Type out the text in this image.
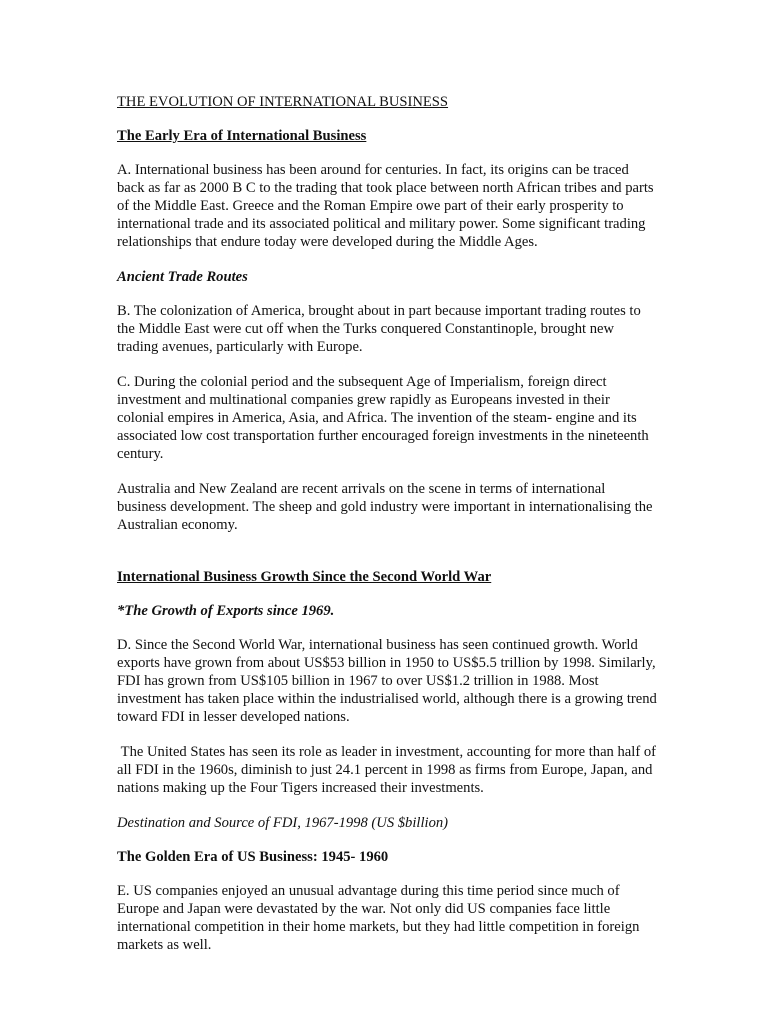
THE EVOLUTION OF INTERNATIONAL BUSINESS

The Early Era of International Business

A. International business has been around for centuries. In fact, its origins can be traced back as far as 2000 B C to the trading that took place between north African tribes and parts of the Middle East. Greece and the Roman Empire owe part of their early prosperity to international trade and its associated political and military power. Some significant trading relationships that endure today were developed during the Middle Ages.

Ancient Trade Routes

B. The colonization of America, brought about in part because important trading routes to the Middle East were cut off when the Turks conquered Constantinople, brought new trading avenues, particularly with Europe.

C. During the colonial period and the subsequent Age of Imperialism, foreign direct investment and multinational companies grew rapidly as Europeans invested in their colonial empires in America, Asia, and Africa. The invention of the steam- engine and its associated low cost transportation further encouraged foreign investments in the nineteenth century.

Australia and New Zealand are recent arrivals on the scene in terms of international business development. The sheep and gold industry were important in internationalising the Australian economy.

International Business Growth Since the Second World War

*The Growth of Exports since 1969.

D. Since the Second World War, international business has seen continued growth. World exports have grown from about US$53 billion in 1950 to US$5.5 trillion by 1998. Similarly, FDI has grown from US$105 billion in 1967 to over US$1.2 trillion in 1988. Most investment has taken place within the industrialised world, although there is a growing trend toward FDI in lesser developed nations.

The United States has seen its role as leader in investment, accounting for more than half of all FDI in the 1960s, diminish to just 24.1 percent in 1998 as firms from Europe, Japan, and nations making up the Four Tigers increased their investments.

Destination and Source of FDI, 1967-1998 (US $billion)

The Golden Era of US Business: 1945- 1960

E. US companies enjoyed an unusual advantage during this time period since much of Europe and Japan were devastated by the war. Not only did US companies face little international competition in their home markets, but they had little competition in foreign markets as well.
